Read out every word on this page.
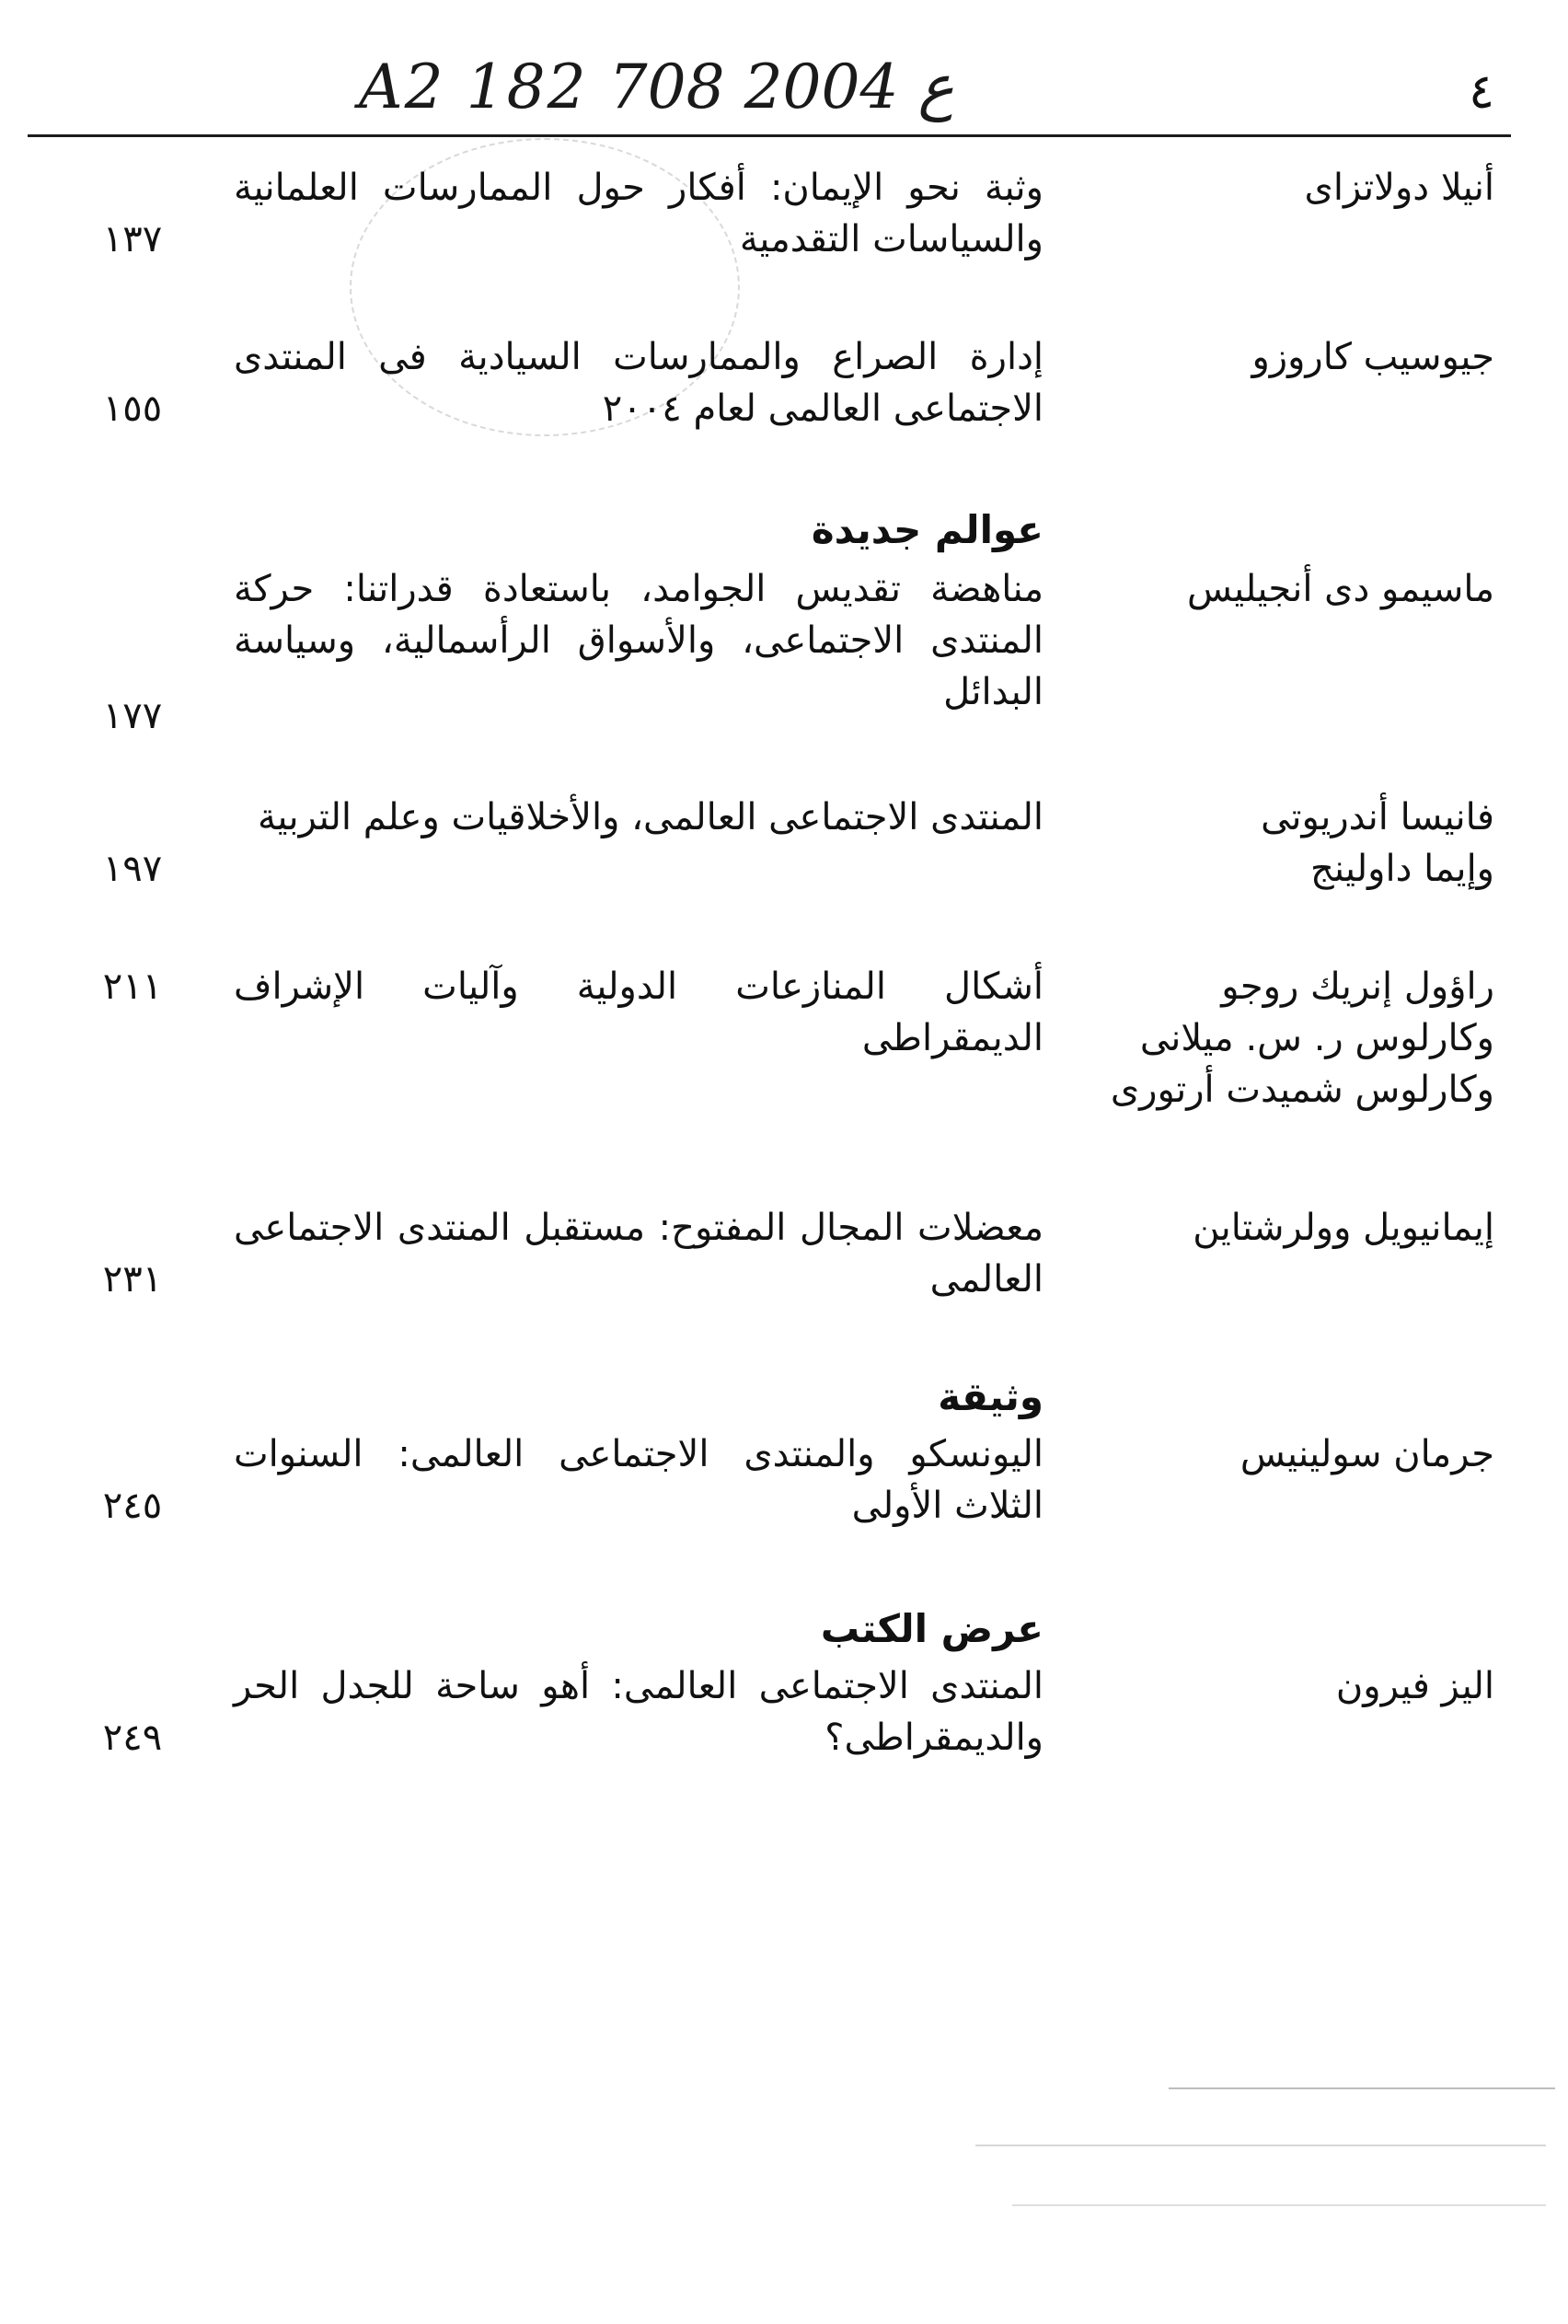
A2 182 ع 2004 708	٤
أنيلا دولاتزاى
وثبة نحو الإيمان: أفكار حول الممارسات العلمانية والسياسات التقدمية
١٣٧
جيوسيب كاروزو
إدارة الصراع والممارسات السيادية فى المنتدى الاجتماعى العالمى لعام ٢٠٠٤
١٥٥
عوالم جديدة
ماسيمو دى أنجيليس
مناهضة تقديس الجوامد، باستعادة قدراتنا: حركة المنتدى الاجتماعى، والأسواق الرأسمالية، وسياسة البدائل
١٧٧
فانيسا أندريوتى
وإيما داولينج
المنتدى الاجتماعى العالمى، والأخلاقيات وعلم التربية
١٩٧
راؤول إنريك روجو
وكارلوس ر. س. ميلانى
وكارلوس شميدت أرتورى
أشكال المنازعات الدولية وآليات الإشراف الديمقراطى
٢١١
إيمانيويل وولرشتاين
معضلات المجال المفتوح: مستقبل المنتدى الاجتماعى العالمى
٢٣١
وثيقة
جرمان سولينيس
اليونسكو والمنتدى الاجتماعى العالمى: السنوات الثلاث الأولى
٢٤٥
عرض الكتب
اليز فيرون
المنتدى الاجتماعى العالمى: أهو ساحة للجدل الحر والديمقراطى؟
٢٤٩
